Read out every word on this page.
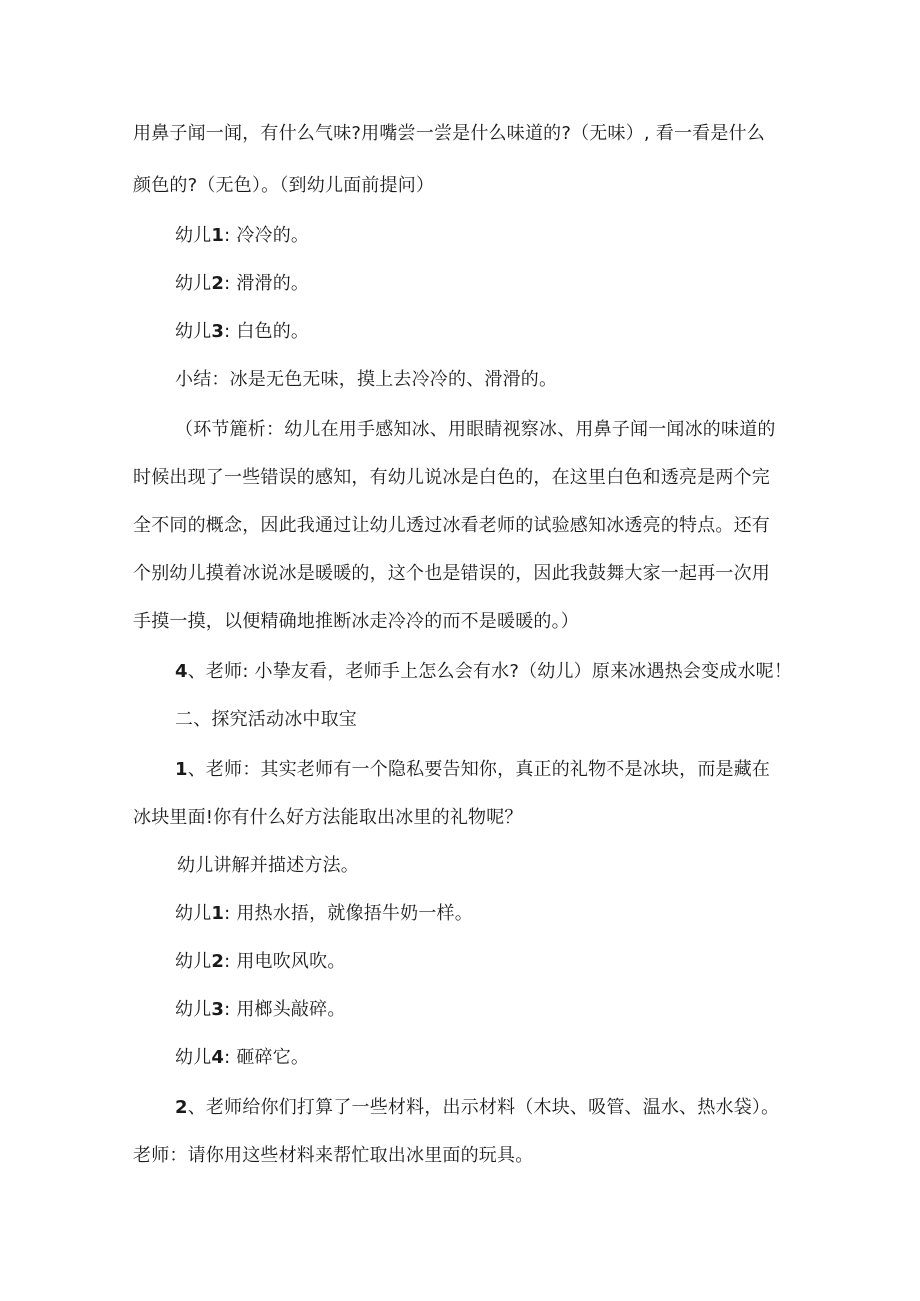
用鼻子闻一闻，有什么气味?用嘴尝一尝是什么味道的?（无味）, 看一看是什么
颜色的?（无色）。（到幼儿面前提问）
幼儿1: 冷冷的。
幼儿2: 滑滑的。
幼儿3: 白色的。
小结：冰是无色无味，摸上去冷冷的、滑滑的。
（环节簏析：幼儿在用手感知冰、用眼睛视察冰、用鼻子闻一闻冰的味道的
时候出现了一些错误的感知，有幼儿说冰是白色的，在这里白色和透亮是两个完
全不同的概念，因此我通过让幼儿透过冰看老师的试验感知冰透亮的特点。还有
个别幼儿摸着冰说冰是暖暖的，这个也是错误的，因此我鼓舞大家一起再一次用
手摸一摸，以便精确地推断冰走冷冷的而不是暖暖的。）
4、老师: 小挚友看，老师手上怎么会有水?（幼儿）原来冰遇热会变成水呢！
二、探究活动冰中取宝
1、老师：其实老师有一个隐私要告知你，真正的礼物不是冰块，而是藏在
冰块里面!你有什么好方法能取出冰里的礼物呢？
幼儿讲解并描述方法。
幼儿1: 用热水捂，就像捂牛奶一样。
幼儿2: 用电吹风吹。
幼儿3: 用榔头敲碎。
幼儿4: 砸碎它。
2、老师给你们打算了一些材料，出示材料（木块、吸管、温水、热水袋）。
老师：请你用这些材料来帮忙取出冰里面的玩具。
